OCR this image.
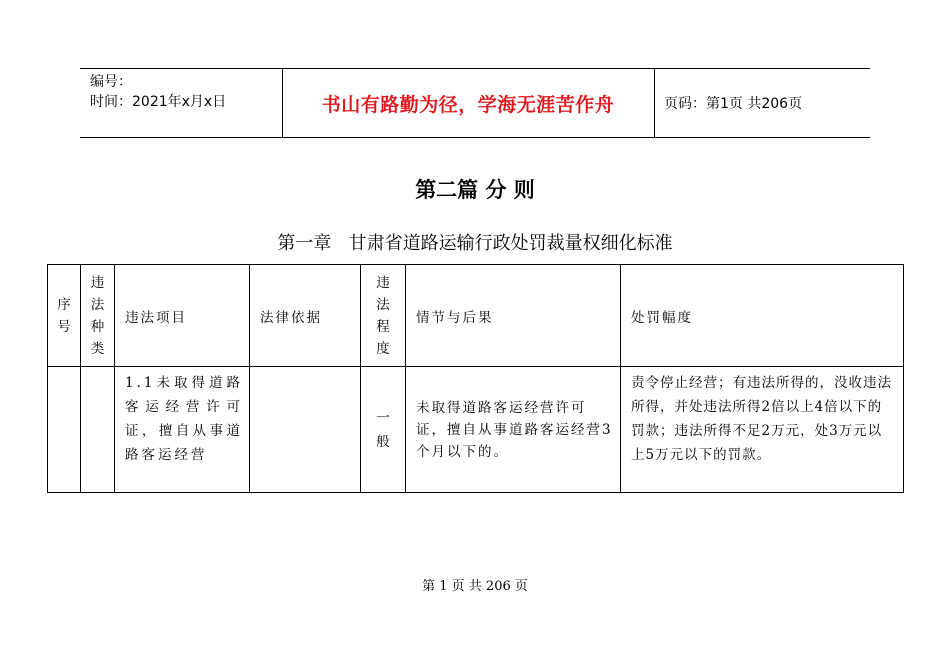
编号：
时间：2021年x月x日	书山有路勤为径，学海无涯苦作舟	页码：第1页 共206页
第二篇 分 则
第一章   甘肃省道路运输行政处罚裁量权细化标准
序号	违法种类	违法项目	法律依据	违法程度	情节与后果	处罚幅度
		1.1未取得道路客运经营许可证，擅自从事道路客运经营		一般	未取得道路客运经营许可证，擅自从事道路客运经营3个月以下的。	责令停止经营；有违法所得的，没收违法所得，并处违法所得2倍以上4倍以下的罚款；违法所得不足2万元，处3万元以上5万元以下的罚款。
第 1 页 共 206 页
